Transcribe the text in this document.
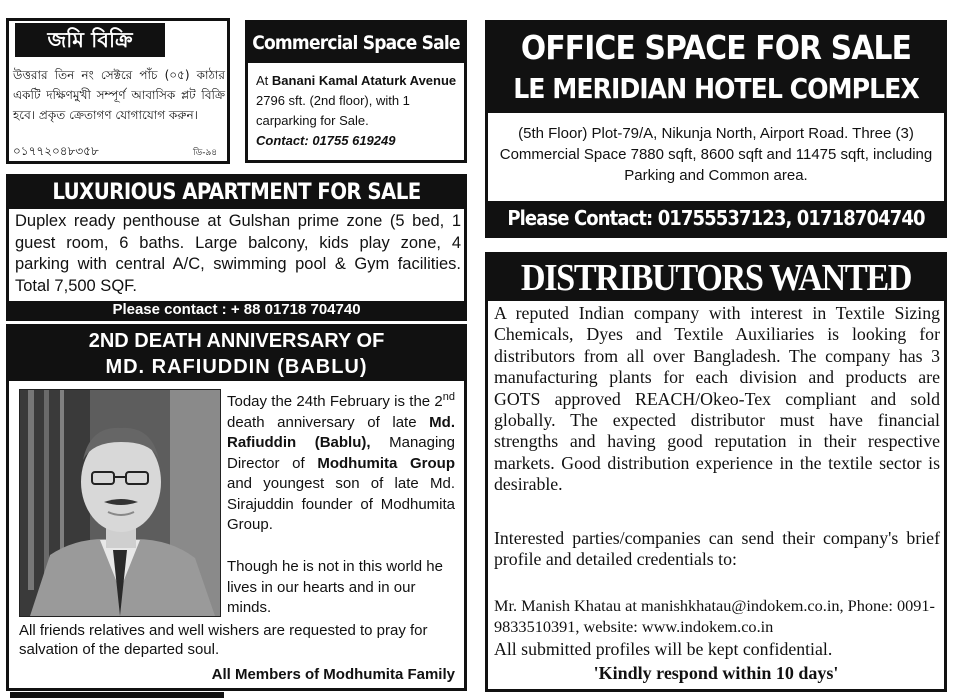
জমি বিক্রি

উত্তরার তিন নং সেক্টরে পাঁচ (০৫) কাঠার একটি দক্ষিণমুখী সম্পূর্ণ আবাসিক প্লট বিক্রি হবে। প্রকৃত ক্রেতাগণ যোগাযোগ করুন।

০১৭৭২০৪৮৩৫৮	ডি-৯৪
Commercial Space Sale
At Banani Kamal Ataturk Avenue 2796 sft. (2nd floor), with 1 carparking for Sale.
Contact: 01755 619249
OFFICE SPACE FOR SALE
LE MERIDIAN HOTEL COMPLEX

(5th Floor) Plot-79/A, Nikunja North, Airport Road. Three (3) Commercial Space 7880 sqft, 8600 sqft and 11475 sqft, including Parking and Common area.

Please Contact: 01755537123, 01718704740
LUXURIOUS APARTMENT FOR SALE

Duplex ready penthouse at Gulshan prime zone (5 bed, 1 guest room, 6 baths. Large balcony, kids play zone, 4 parking with central A/C, swimming pool & Gym facilities. Total 7,500 SQF.

Please contact : + 88 01718 704740
2ND DEATH ANNIVERSARY OF
MD. RAFIUDDIN (BABLU)
Today the 24th February is the 2nd death anniversary of late Md. Rafiuddin (Bablu), Managing Director of Modhumita Group and youngest son of late Md. Sirajuddin founder of Modhumita Group.

Though he is not in this world he lives in our hearts and in our minds.

All friends relatives and well wishers are requested to pray for salvation of the departed soul.

All Members of Modhumita Family
DISTRIBUTORS WANTED

A reputed Indian company with interest in Textile Sizing Chemicals, Dyes and Textile Auxiliaries is looking for distributors from all over Bangladesh. The company has 3 manufacturing plants for each division and products are GOTS approved REACH/Okeo-Tex compliant and sold globally. The expected distributor must have financial strengths and having good reputation in their respective markets. Good distribution experience in the textile sector is desirable.

Interested parties/companies can send their company's brief profile and detailed credentials to:

Mr. Manish Khatau at manishkhatau@indokem.co.in, Phone: 0091-9833510391, website: www.indokem.co.in

All submitted profiles will be kept confidential.

'Kindly respond within 10 days'
